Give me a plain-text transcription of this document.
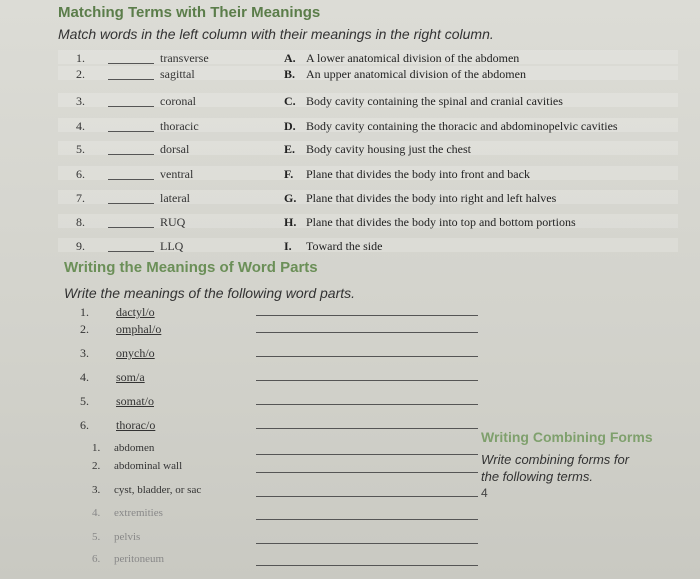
Matching Terms with Their Meanings
Match words in the left column with their meanings in the right column.
1.	transverse	A. A lower anatomical division of the abdomen
2.	sagittal	B. An upper anatomical division of the abdomen
3.	coronal	C. Body cavity containing the spinal and cranial cavities
4.	thoracic	D. Body cavity containing the thoracic and abdominopelvic cavities
5.	dorsal	E. Body cavity housing just the chest
6.	ventral	F. Plane that divides the body into front and back
7.	lateral	G. Plane that divides the body into right and left halves
8.	RUQ	H. Plane that divides the body into top and bottom portions
9.	LLQ	I. Toward the side
Writing the Meanings of Word Parts
Write the meanings of the following word parts.
1. dactyl/o
2. omphal/o
3. onych/o
4. som/a
5. somat/o
6. thorac/o
Writing Combining Forms
Write combining forms for
the following terms.
4
1. abdomen
2. abdominal wall
3. cyst, bladder, or sac
4. extremities
5. pelvis
6. peritoneum
